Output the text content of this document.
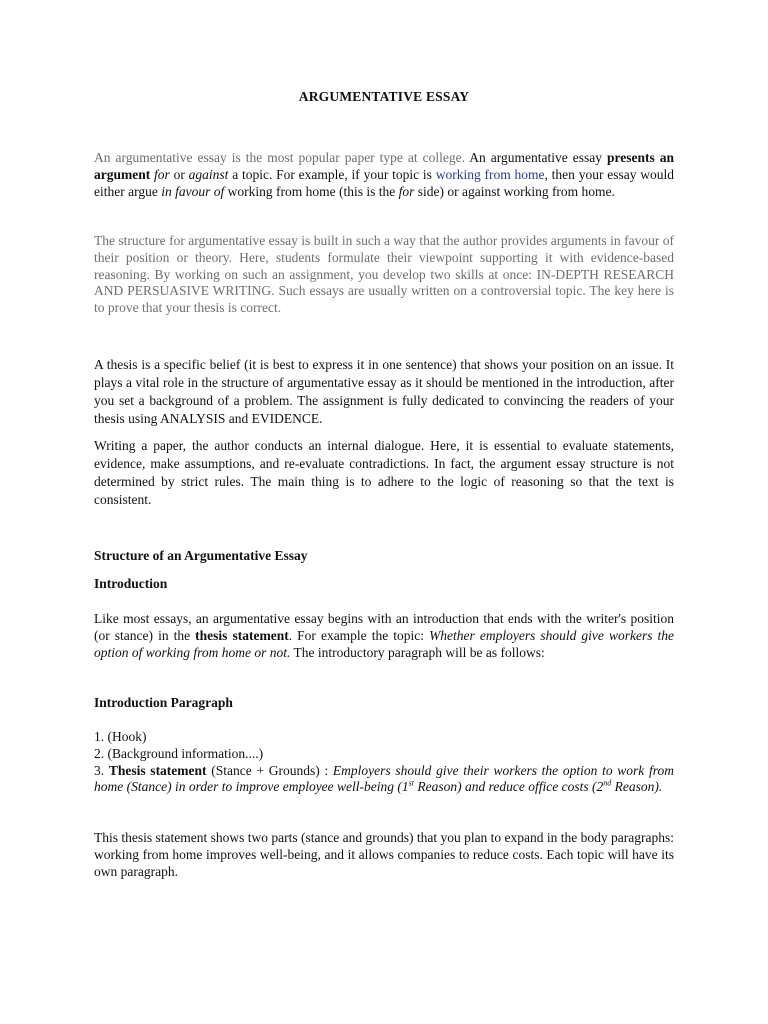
ARGUMENTATIVE ESSAY

An argumentative essay is the most popular paper type at college. An argumentative essay presents an argument for or against a topic. For example, if your topic is working from home, then your essay would either argue in favour of working from home (this is the for side) or against working from home.

The structure for argumentative essay is built in such a way that the author provides arguments in favour of their position or theory. Here, students formulate their viewpoint supporting it with evidence-based reasoning. By working on such an assignment, you develop two skills at once: IN-DEPTH RESEARCH AND PERSUASIVE WRITING. Such essays are usually written on a controversial topic. The key here is to prove that your thesis is correct.

A thesis is a specific belief (it is best to express it in one sentence) that shows your position on an issue. It plays a vital role in the structure of argumentative essay as it should be mentioned in the introduction, after you set a background of a problem. The assignment is fully dedicated to convincing the readers of your thesis using ANALYSIS and EVIDENCE.

Writing a paper, the author conducts an internal dialogue. Here, it is essential to evaluate statements, evidence, make assumptions, and re-evaluate contradictions. In fact, the argument essay structure is not determined by strict rules. The main thing is to adhere to the logic of reasoning so that the text is consistent.

Structure of an Argumentative Essay
Introduction

Like most essays, an argumentative essay begins with an introduction that ends with the writer's position (or stance) in the thesis statement. For example the topic: Whether employers should give workers the option of working from home or not. The introductory paragraph will be as follows:

Introduction Paragraph

1. (Hook)

2. (Background information....)

3. Thesis statement (Stance + Grounds) : Employers should give their workers the option to work from home (Stance) in order to improve employee well-being (1st Reason) and reduce office costs (2nd Reason).

This thesis statement shows two parts (stance and grounds) that you plan to expand in the body paragraphs: working from home improves well-being, and it allows companies to reduce costs. Each topic will have its own paragraph.
